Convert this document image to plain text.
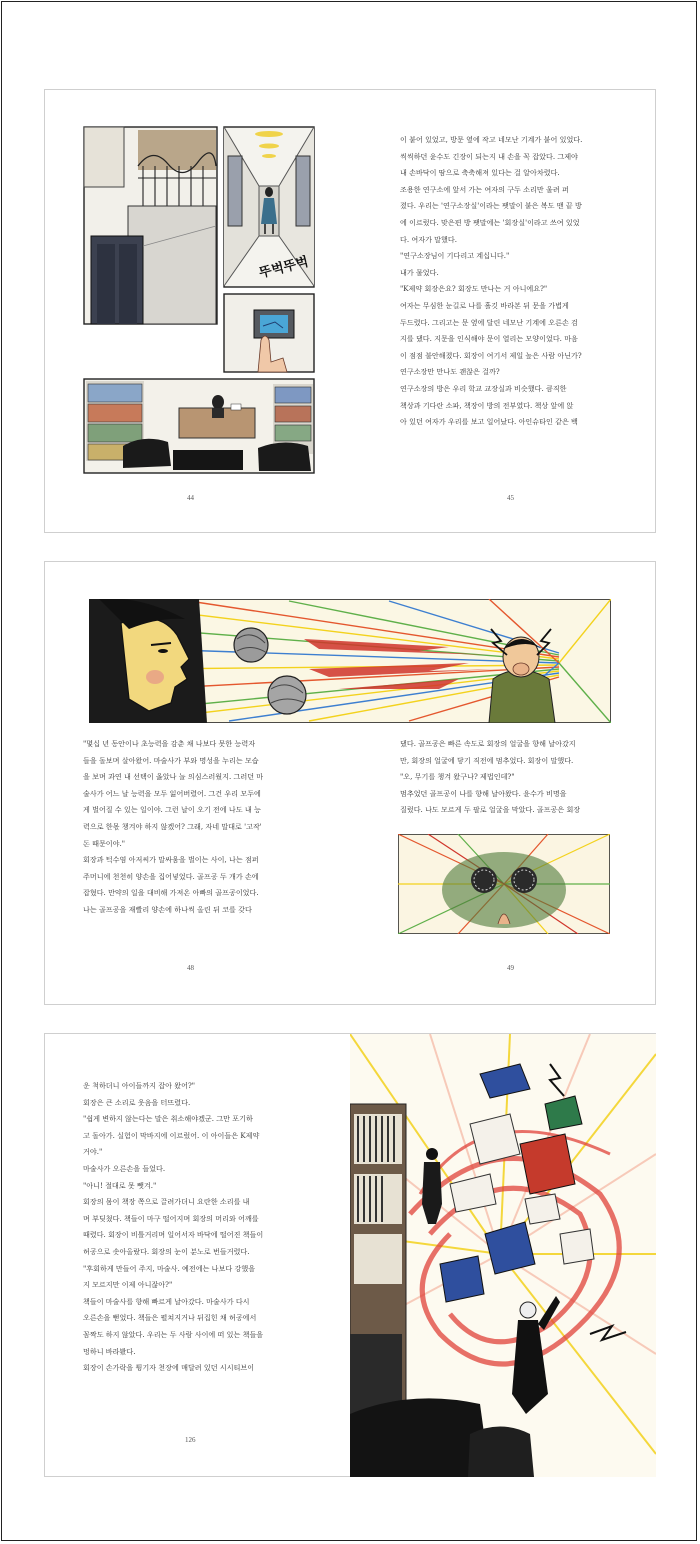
뚜벅뚜벅

이 붙어 있었고, 방문 옆에 작고 네모난 기계가 붙어 있었다.

씩씩하던 윤수도 긴장이 되는지 내 손을 꼭 잡았다. 그제야

내 손바닥이 땀으로 축축해져 있다는 걸 알아차렸다.

조용한 연구소에 앞서 가는 여자의 구두 소리만 울려 퍼

졌다. 우리는 '연구소장실'이라는 팻말이 붙은 복도 맨 끝 방

에 이르렀다. 맞은편 방 팻말에는 '회장실'이라고 쓰여 있었

다. 여자가 말했다.

"연구소장님이 기다리고 계십니다."

내가 물었다.

"K제약 회장은요? 회장도 만나는 거 아니에요?"

여자는 무심한 눈길로 나를 흘깃 바라본 뒤 문을 가볍게

두드렸다. 그리고는 문 옆에 달린 네모난 기계에 오른손 검

지를 댔다. 지문을 인식해야 문이 열리는 모양이었다. 마음

이 점점 불안해졌다. 회장이 여기서 제일 높은 사람 아닌가?

연구소장만 만나도 괜찮은 걸까?

연구소장의 방은 우리 학교 교장실과 비슷했다. 큼직한

책상과 기다란 소파, 책장이 방의 전부였다. 책상 앞에 앉

아 있던 여자가 우리를 보고 일어났다. 아인슈타인 같은 백

44	45

"몇십 년 동안이나 초능력을 감춘 채 나보다 못한 능력자

들을 돌보며 살아왔어. 마술사가 부와 명성을 누리는 모습

을 보며 과연 내 선택이 옳았나 늘 의심스러웠지. 그러던 마

술사가 어느 날 능력을 모두 잃어버렸어. 그건 우리 모두에

게 벌어질 수 있는 일이야. 그런 날이 오기 전에 나도 내 능

력으로 한몫 챙겨야 하지 않겠어? 그래, 자네 말대로 '고작'

돈 때문이야."

회장과 턱수염 아저씨가 말싸움을 벌이는 사이, 나는 점퍼

주머니에 천천히 양손을 집어넣었다. 골프공 두 개가 손에

잡혔다. 만약의 일을 대비해 가져온 아빠의 골프공이었다.

나는 골프공을 재빨리 양손에 하나씩 올린 뒤 코를 갖다

댔다. 골프공은 빠른 속도로 회장의 얼굴을 향해 날아갔지

만, 회장의 얼굴에 닿기 직전에 멈추었다. 회장이 말했다.

"오, 무기를 챙겨 왔구나? 제법인데?"

멈추었던 골프공이 나를 향해 날아왔다. 윤수가 비명을

질렀다. 나도 모르게 두 팔로 얼굴을 막았다. 골프공은 회장

48	49

운 척하더니 아이들까지 잡아 왔어?"

회장은 큰 소리로 웃음을 터뜨렸다.

"쉽게 변하지 않는다는 말은 취소해야겠군. 그만 포기하

고 돌아가. 실험이 막바지에 이르렀어. 이 아이들은 K제약

거야."

마술사가 오른손을 들었다.

"아니! 절대로 못 뺏겨."

회장의 몸이 책장 쪽으로 끌려가더니 요란한 소리를 내

며 부딪쳤다. 책들이 마구 떨어지며 회장의 머리와 어깨를

때렸다. 회장이 비틀거리며 일어서자 바닥에 떨어진 책들이

허공으로 솟아올랐다. 회장의 눈이 분노로 번들거렸다.

"후회하게 만들어 주지, 마술사. 예전에는 나보다 강했을

지 모르지만 이제 아니잖아?"

책들이 마술사를 향해 빠르게 날아갔다. 마술사가 다시

오른손을 뻗었다. 책들은 펼쳐지거나 뒤집힌 채 허공에서

꼼짝도 하지 않았다. 우리는 두 사람 사이에 떠 있는 책들을

멍하니 바라봤다.

회장이 손가락을 튕기자 천장에 매달려 있던 시시티브이

126
